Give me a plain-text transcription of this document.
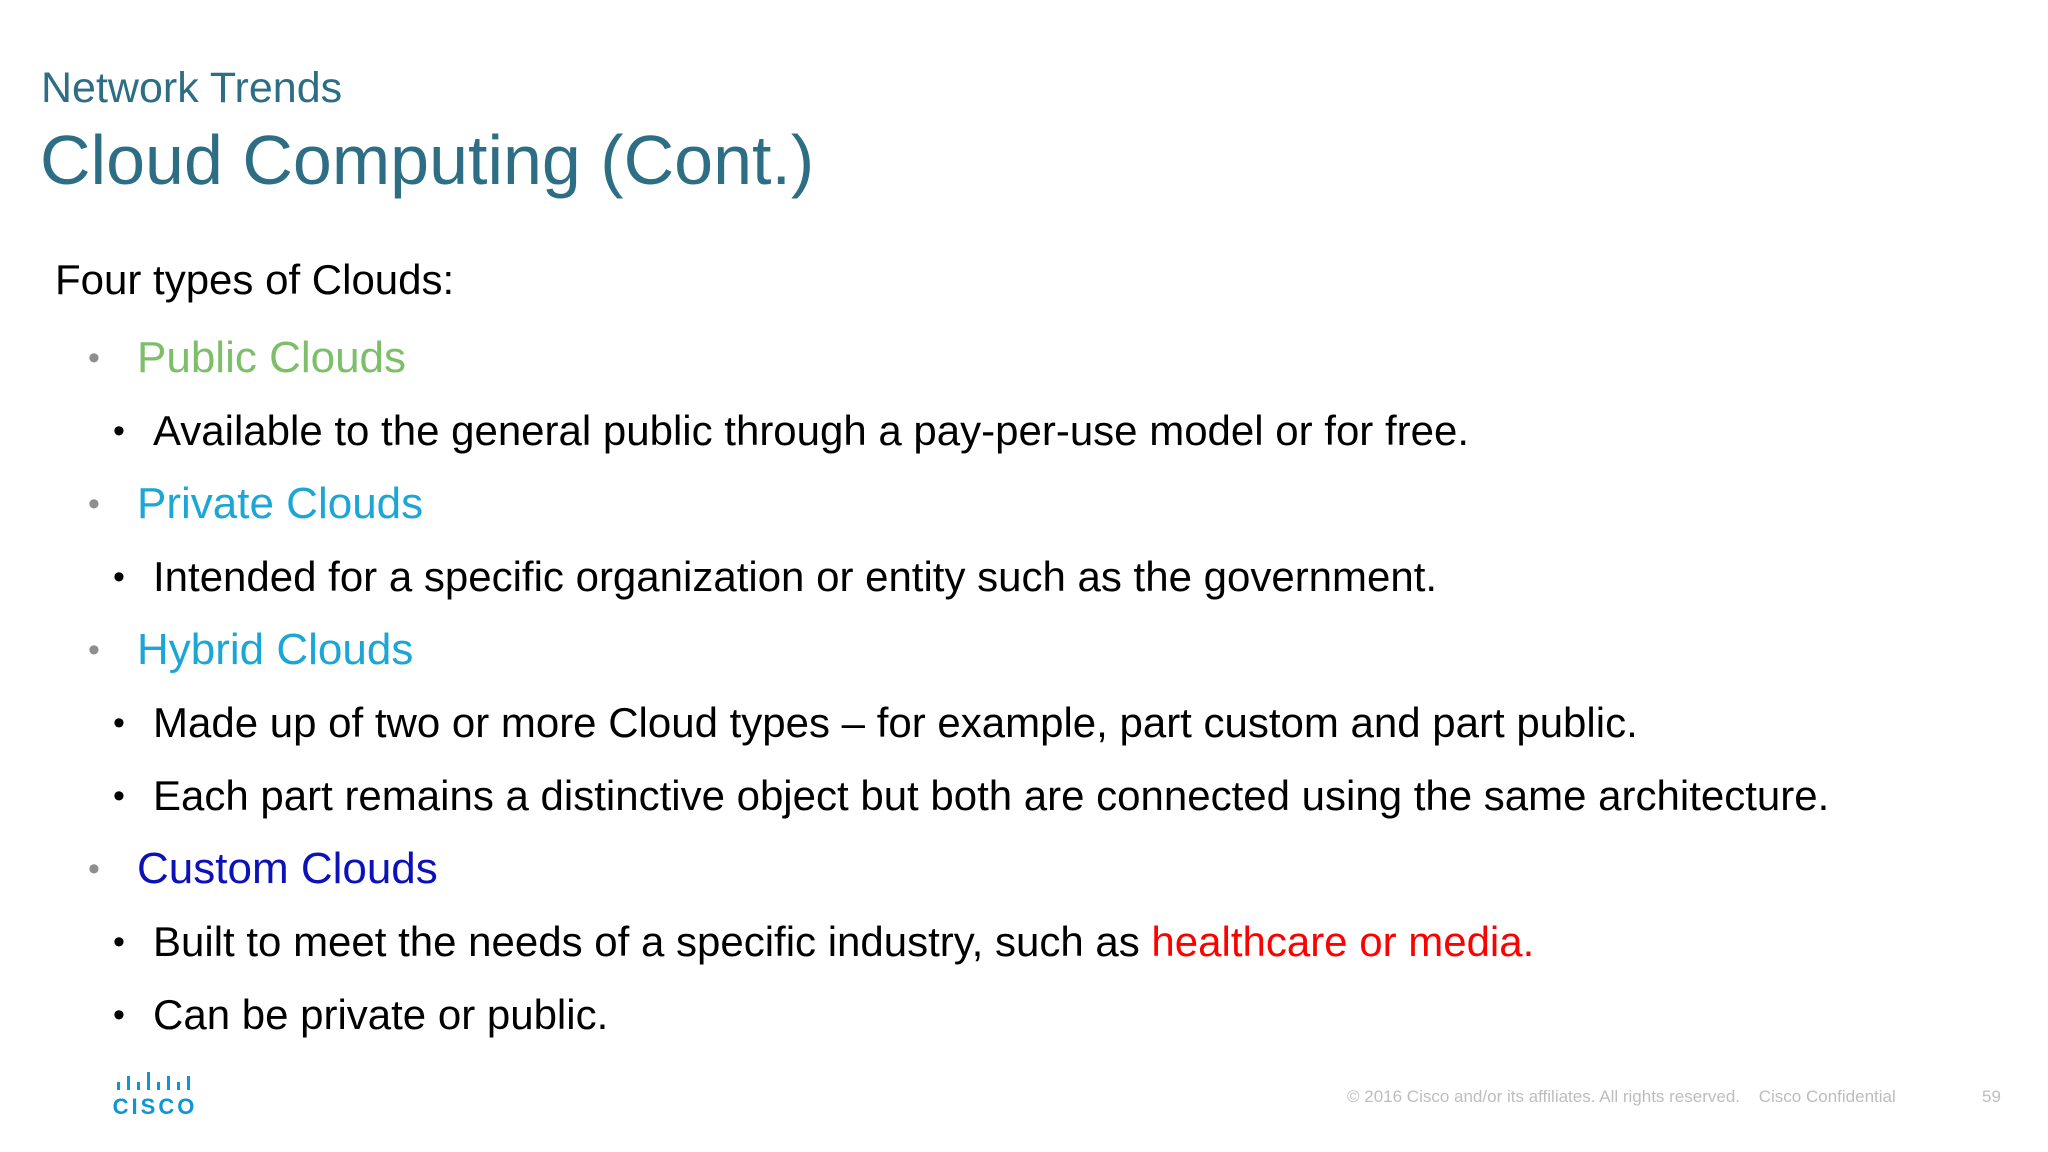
Network Trends
Cloud Computing (Cont.)
Four types of Clouds:
• Public Clouds
• Available to the general public through a pay-per-use model or for free.
• Private Clouds
• Intended for a specific organization or entity such as the government.
• Hybrid Clouds
• Made up of two or more Cloud types – for example, part custom and part public.
• Each part remains a distinctive object but both are connected using the same architecture.
• Custom Clouds
• Built to meet the needs of a specific industry, such as healthcare or media.
• Can be private or public.
CISCO	© 2016 Cisco and/or its affiliates. All rights reserved. Cisco Confidential	59
